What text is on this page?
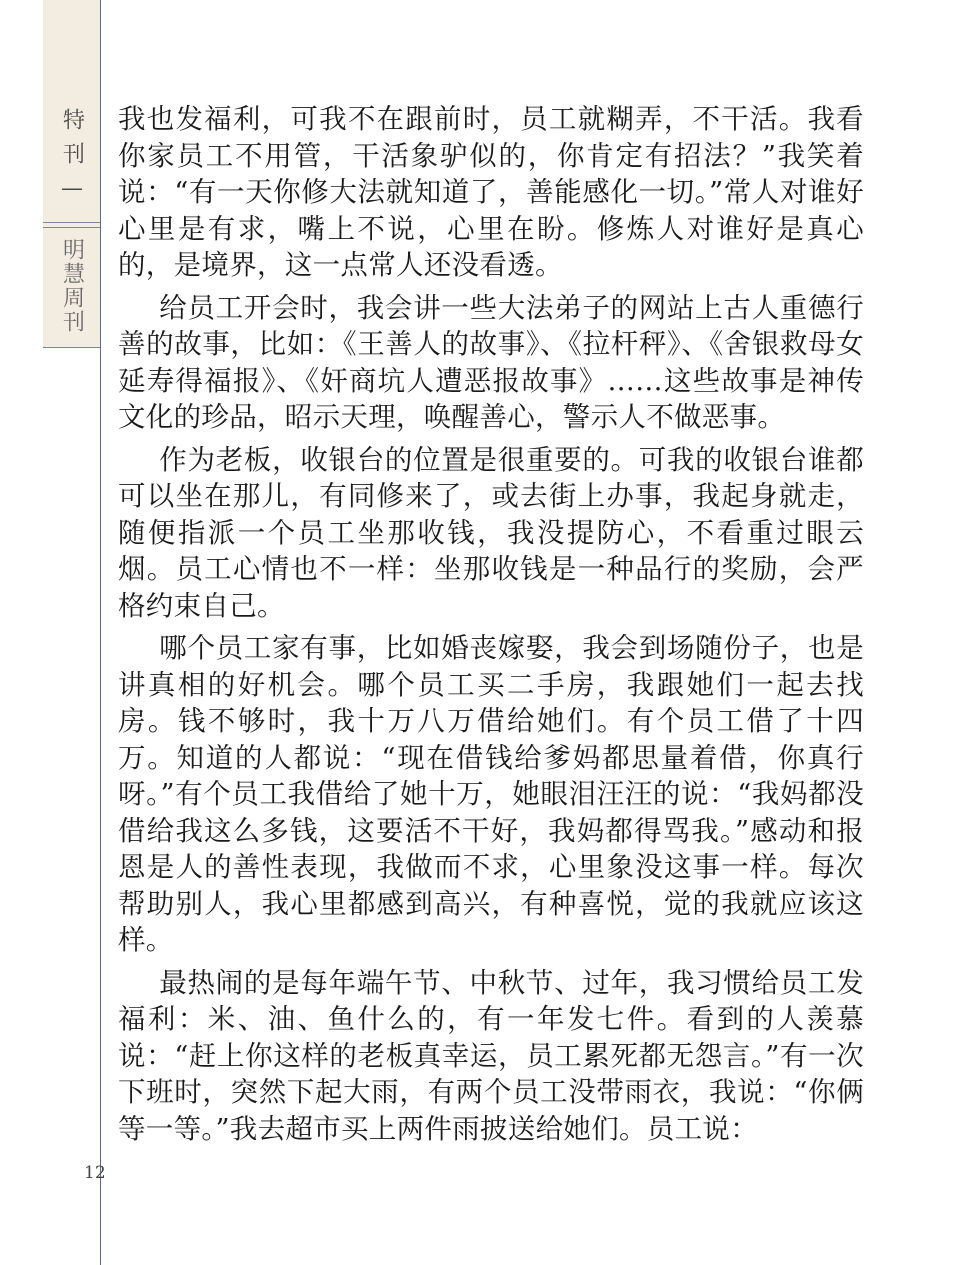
特刊—
明慧周刊
12

我也发福利，可我不在跟前时，员工就糊弄，不干活。我看你家员工不用管，干活象驴似的，你肯定有招法？”我笑着说：“有一天你修大法就知道了，善能感化一切。”常人对谁好心里是有求，嘴上不说，心里在盼。修炼人对谁好是真心的，是境界，这一点常人还没看透。

给员工开会时，我会讲一些大法弟子的网站上古人重德行善的故事，比如：《王善人的故事》、《拉杆秤》、《舍银救母女延寿得福报》、《奸商坑人遭恶报故事》……这些故事是神传文化的珍品，昭示天理，唤醒善心，警示人不做恶事。

作为老板，收银台的位置是很重要的。可我的收银台谁都可以坐在那儿，有同修来了，或去街上办事，我起身就走，随便指派一个员工坐那收钱，我没提防心，不看重过眼云烟。员工心情也不一样：坐那收钱是一种品行的奖励，会严格约束自己。

哪个员工家有事，比如婚丧嫁娶，我会到场随份子，也是讲真相的好机会。哪个员工买二手房，我跟她们一起去找房。钱不够时，我十万八万借给她们。有个员工借了十四万。知道的人都说：“现在借钱给爹妈都思量着借，你真行呀。”有个员工我借给了她十万，她眼泪汪汪的说：“我妈都没借给我这么多钱，这要活不干好，我妈都得骂我。”感动和报恩是人的善性表现，我做而不求，心里象没这事一样。每次帮助别人，我心里都感到高兴，有种喜悦，觉的我就应该这样。

最热闹的是每年端午节、中秋节、过年，我习惯给员工发福利：米、油、鱼什么的，有一年发七件。看到的人羡慕说：“赶上你这样的老板真幸运，员工累死都无怨言。”有一次下班时，突然下起大雨，有两个员工没带雨衣，我说：“你俩等一等。”我去超市买上两件雨披送给她们。员工说：
